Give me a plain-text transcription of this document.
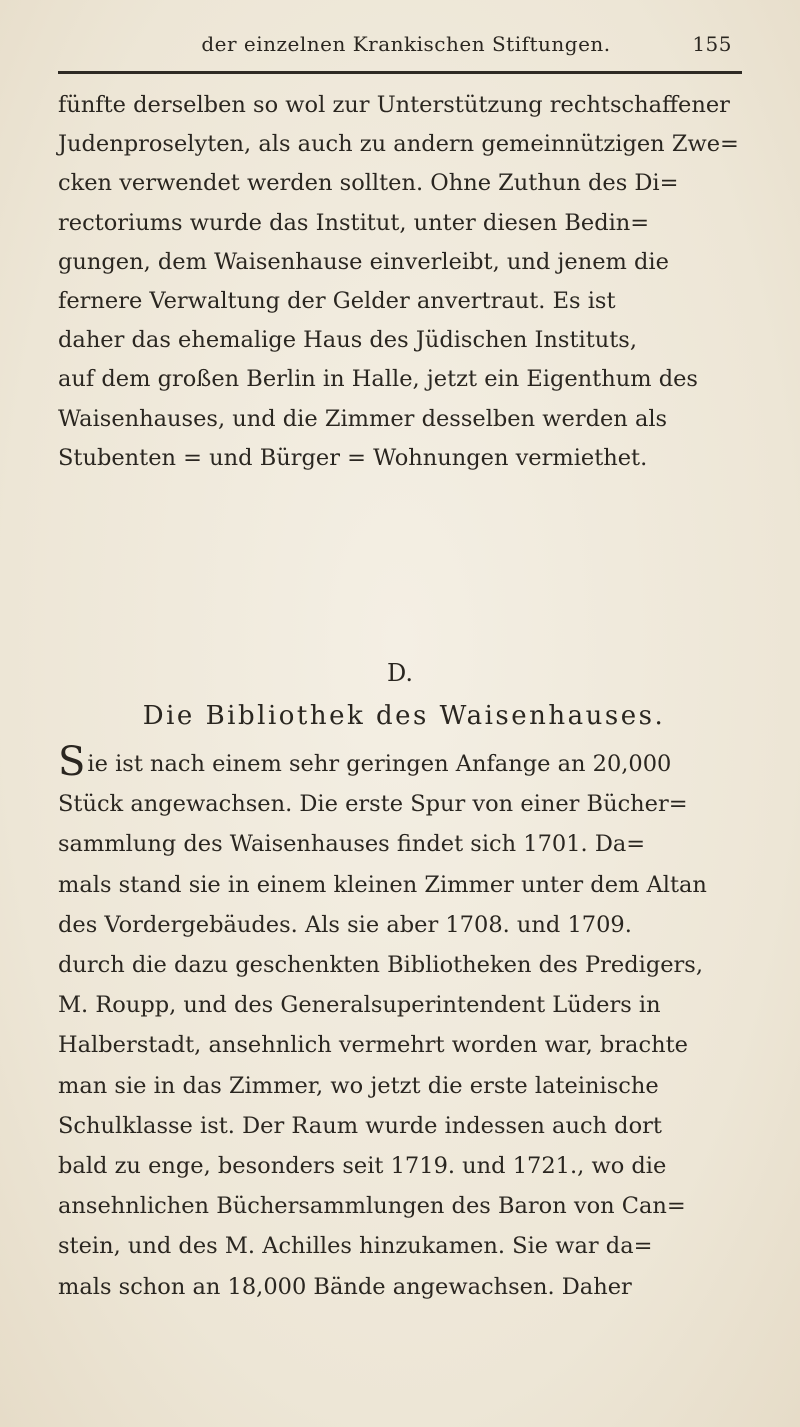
der einzelnen Krankischen Stiftungen.	155
fünfte derselben so wol zur Unterstützung rechtschaffener
Judenproselyten, als auch zu andern gemeinnützigen Zwe=
cken verwendet werden sollten. Ohne Zuthun des Di=
rectoriums wurde das Institut, unter diesen Bedin=
gungen, dem Waisenhause einverleibt, und jenem die
fernere Verwaltung der Gelder anvertraut. Es ist
daher das ehemalige Haus des Jüdischen Instituts,
auf dem großen Berlin in Halle, jetzt ein Eigenthum des
Waisenhauses, und die Zimmer desselben werden als
Stubenten = und Bürger = Wohnungen vermiethet.
D.
Die Bibliothek des Waisenhauses.
Sie ist nach einem sehr geringen Anfange an 20,000
Stück angewachsen. Die erste Spur von einer Bücher=
sammlung des Waisenhauses findet sich 1701. Da=
mals stand sie in einem kleinen Zimmer unter dem Altan
des Vordergebäudes. Als sie aber 1708. und 1709.
durch die dazu geschenkten Bibliotheken des Predigers,
M. Roupp, und des Generalsuperintendent Lüders in
Halberstadt, ansehnlich vermehrt worden war, brachte
man sie in das Zimmer, wo jetzt die erste lateinische
Schulklasse ist. Der Raum wurde indessen auch dort
bald zu enge, besonders seit 1719. und 1721., wo die
ansehnlichen Büchersammlungen des Baron von Can=
stein, und des M. Achilles hinzukamen. Sie war da=
mals schon an 18,000 Bände angewachsen. Daher
